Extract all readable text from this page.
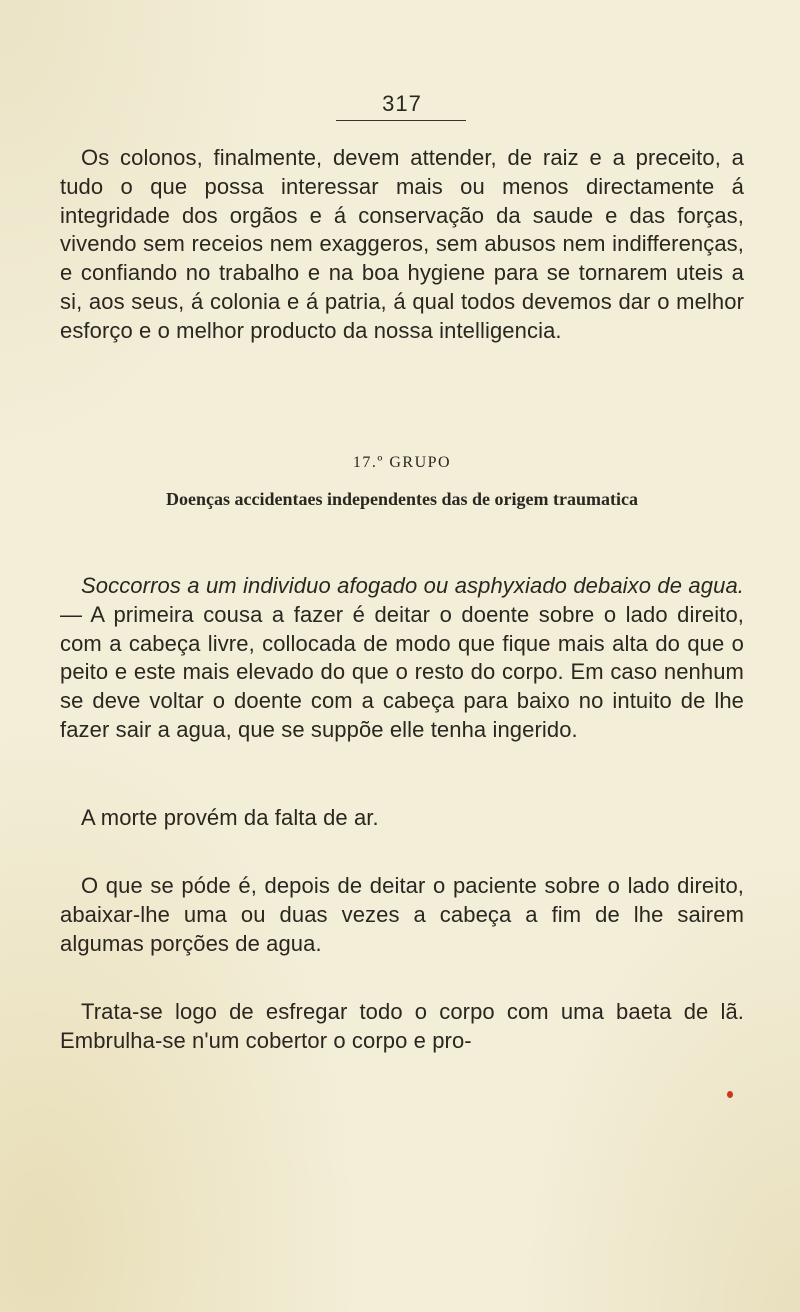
317

Os colonos, finalmente, devem attender, de raiz e a preceito, a tudo o que possa interessar mais ou menos directamente á integridade dos orgãos e á conservação da saude e das forças, vivendo sem receios nem exaggeros, sem abusos nem indifferenças, e confiando no trabalho e na boa hygiene para se tornarem uteis a si, aos seus, á colonia e á patria, á qual todos devemos dar o melhor esforço e o melhor producto da nossa intelligencia.

17.º GRUPO
Doenças accidentaes independentes das de origem traumatica

Soccorros a um individuo afogado ou asphyxiado debaixo de agua. — A primeira cousa a fazer é deitar o doente sobre o lado direito, com a cabeça livre, collocada de modo que fique mais alta do que o peito e este mais elevado do que o resto do corpo. Em caso nenhum se deve voltar o doente com a cabeça para baixo no intuito de lhe fazer sair a agua, que se suppõe elle tenha ingerido.

A morte provém da falta de ar.

O que se póde é, depois de deitar o paciente sobre o lado direito, abaixar-lhe uma ou duas vezes a cabeça a fim de lhe sairem algumas porções de agua.

Trata-se logo de esfregar todo o corpo com uma baeta de lã. Embrulha-se n'um cobertor o corpo e pro-
